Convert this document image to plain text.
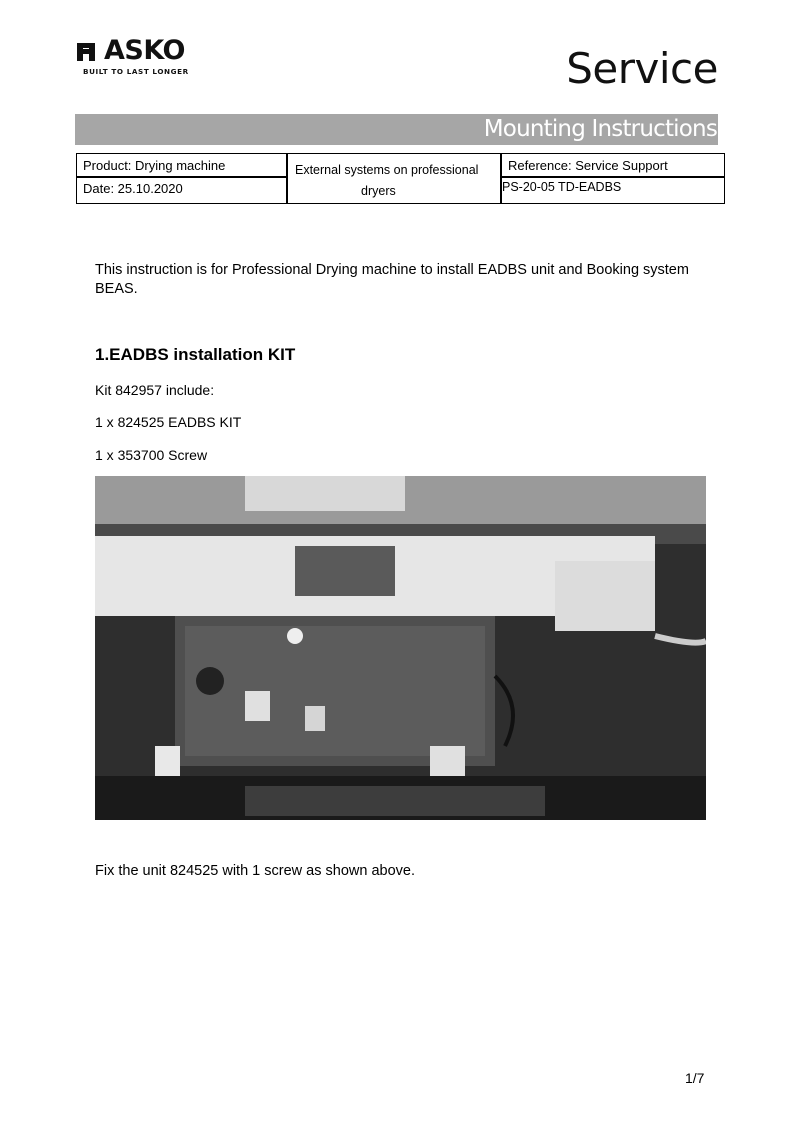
ASKO
BUILT TO LAST LONGER	Service
Mounting Instructions
Product: Drying machine
Date: 25.10.2020
External systems on professional
dryers
Reference: Service Support
PS-20-05 TD-EADBS
This instruction is for Professional Drying machine to install EADBS unit and Booking system BEAS.
1.EADBS installation KIT
Kit 842957 include:
1 x 824525 EADBS KIT
1 x 353700 Screw
Fix the unit 824525 with 1 screw as shown above.
1/7
